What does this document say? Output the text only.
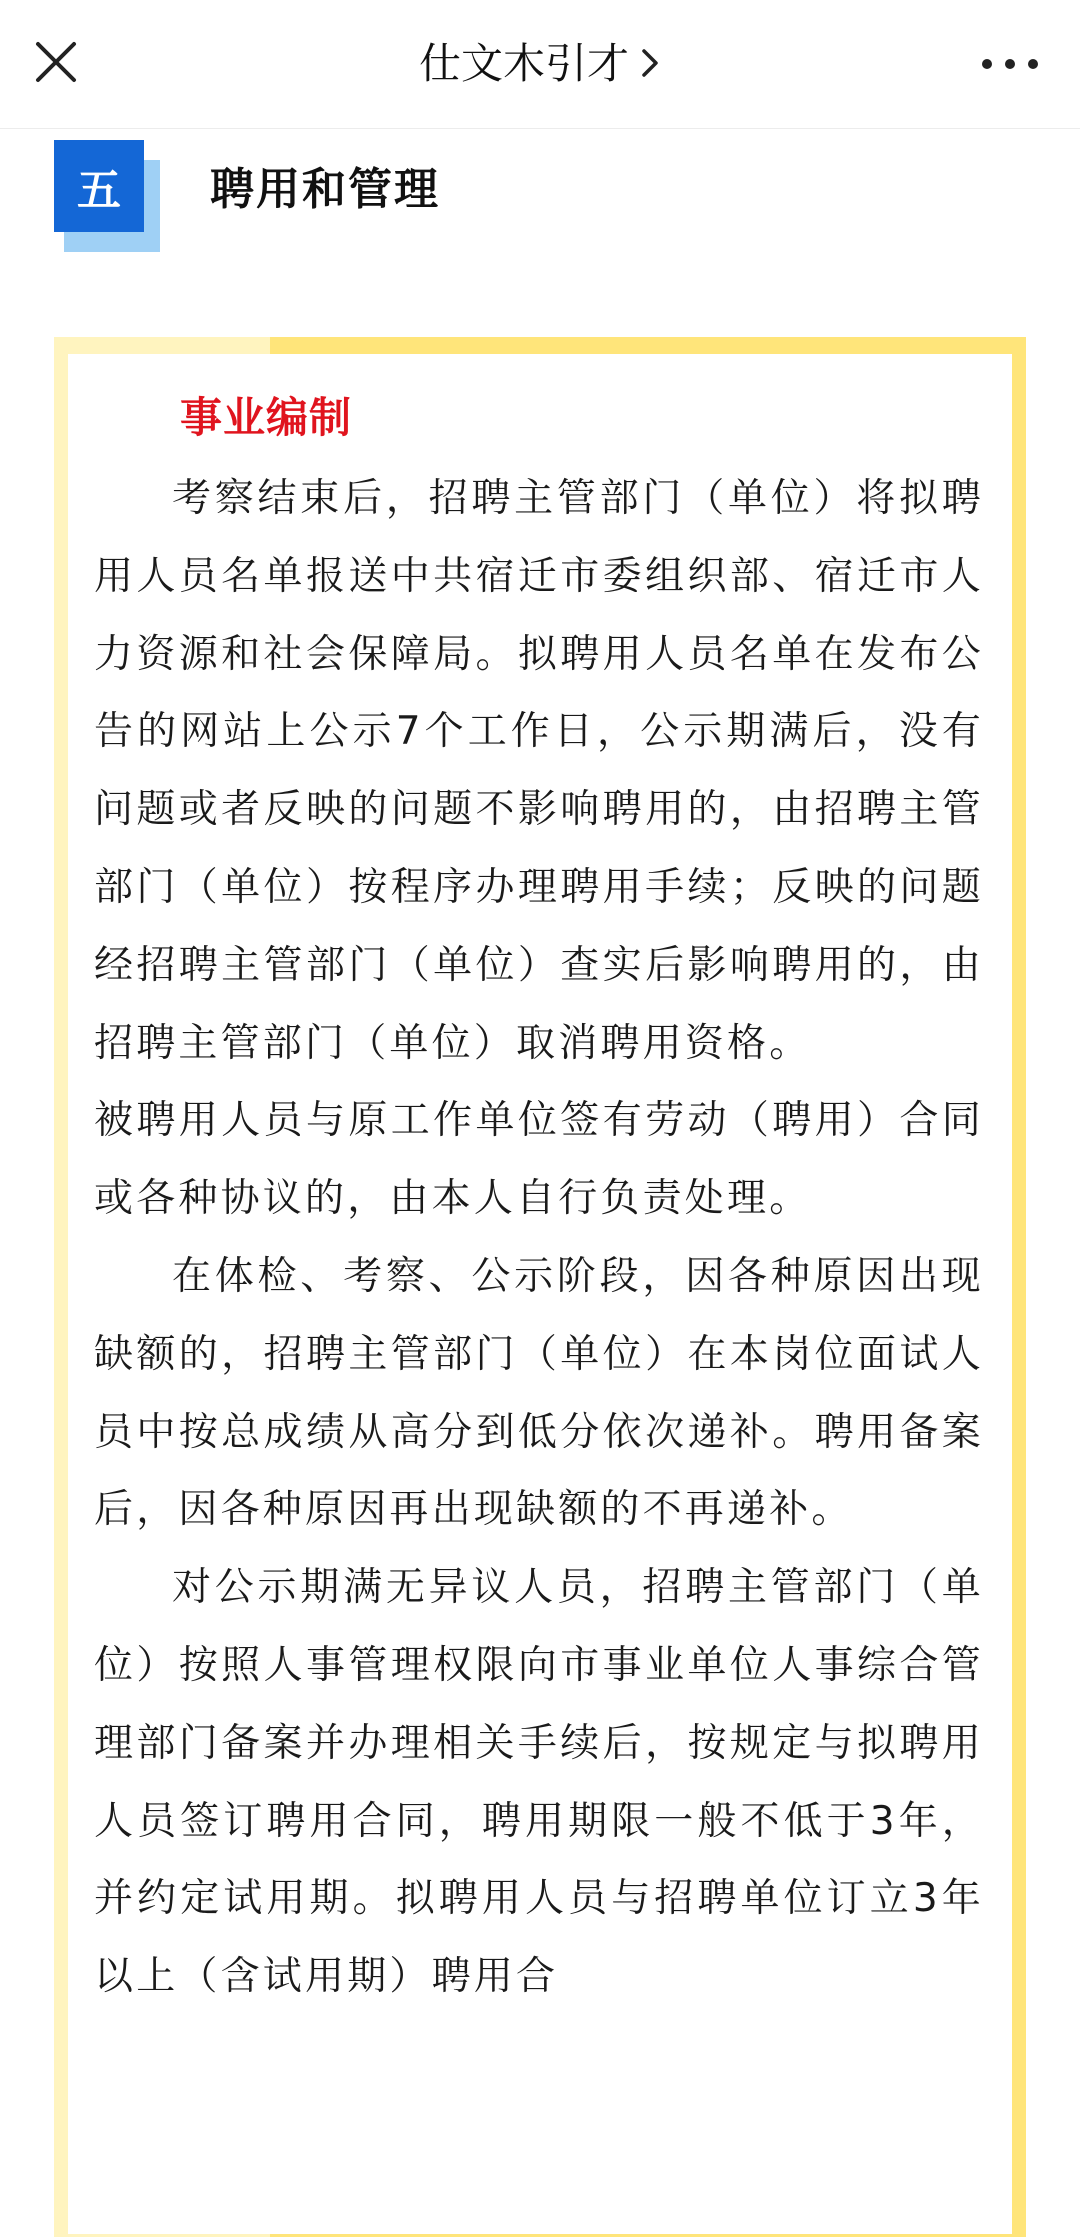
仕文木引才
五	聘用和管理
事业编制

考察结束后，招聘主管部门（单位）将拟聘用人员名单报送中共宿迁市委组织部、宿迁市人力资源和社会保障局。拟聘用人员名单在发布公告的网站上公示7个工作日，公示期满后，没有问题或者反映的问题不影响聘用的，由招聘主管部门（单位）按程序办理聘用手续；反映的问题经招聘主管部门（单位）查实后影响聘用的，由招聘主管部门（单位）取消聘用资格。

被聘用人员与原工作单位签有劳动（聘用）合同或各种协议的，由本人自行负责处理。

在体检、考察、公示阶段，因各种原因出现缺额的，招聘主管部门（单位）在本岗位面试人员中按总成绩从高分到低分依次递补。聘用备案后，因各种原因再出现缺额的不再递补。

对公示期满无异议人员，招聘主管部门（单位）按照人事管理权限向市事业单位人事综合管理部门备案并办理相关手续后，按规定与拟聘用人员签订聘用合同，聘用期限一般不低于3年，并约定试用期。拟聘用人员与招聘单位订立3年以上（含试用期）聘用合
